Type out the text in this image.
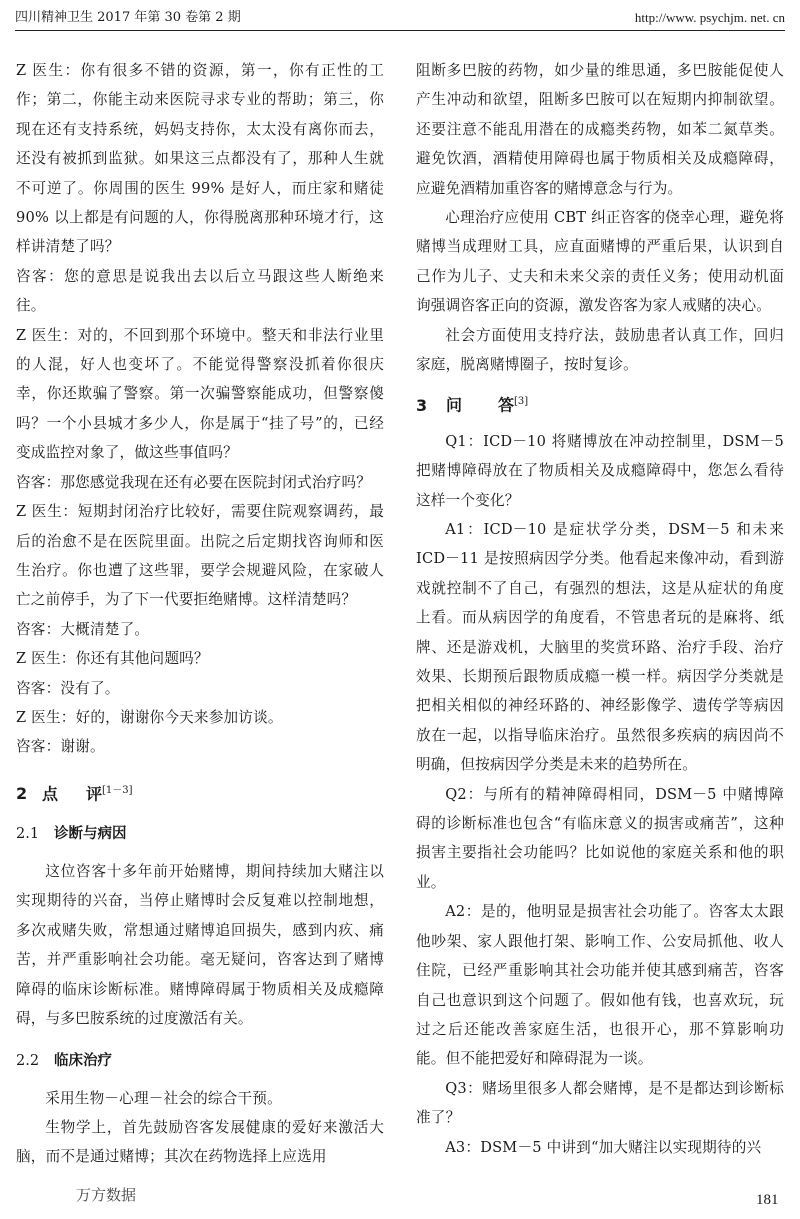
四川精神卫生 2017 年第 30 卷第 2 期	http://www. psychjm. net. cn

Z 医生：你有很多不错的资源，第一，你有正性的工作；第二，你能主动来医院寻求专业的帮助；第三，你现在还有支持系统，妈妈支持你，太太没有离你而去，还没有被抓到监狱。如果这三点都没有了，那种人生就不可逆了。你周围的医生 99% 是好人，而庄家和赌徒 90% 以上都是有问题的人，你得脱离那种环境才行，这样讲清楚了吗？

咨客：您的意思是说我出去以后立马跟这些人断绝来往。

Z 医生：对的，不回到那个环境中。整天和非法行业里的人混，好人也变坏了。不能觉得警察没抓着你很庆幸，你还欺骗了警察。第一次骗警察能成功，但警察傻吗？一个小县城才多少人，你是属于“挂了号”的，已经变成监控对象了，做这些事值吗？

咨客：那您感觉我现在还有必要在医院封闭式治疗吗？

Z 医生：短期封闭治疗比较好，需要住院观察调药，最后的治愈不是在医院里面。出院之后定期找咨询师和医生治疗。你也遭了这些罪，要学会规避风险，在家破人亡之前停手，为了下一代要拒绝赌博。这样清楚吗？

咨客：大概清楚了。

Z 医生：你还有其他问题吗？

咨客：没有了。

Z 医生：好的，谢谢你今天来参加访谈。

咨客：谢谢。

2 点 评[1－3]
2.1 诊断与病因

这位咨客十多年前开始赌博，期间持续加大赌注以实现期待的兴奋，当停止赌博时会反复难以控制地想，多次戒赌失败，常想通过赌博追回损失，感到内疚、痛苦，并严重影响社会功能。毫无疑问，咨客达到了赌博障碍的临床诊断标准。赌博障碍属于物质相关及成瘾障碍，与多巴胺系统的过度激活有关。

2.2 临床治疗

采用生物－心理－社会的综合干预。

生物学上，首先鼓励咨客发展健康的爱好来激活大脑，而不是通过赌博；其次在药物选择上应选用

阻断多巴胺的药物，如少量的维思通，多巴胺能促使人产生冲动和欲望，阻断多巴胺可以在短期内抑制欲望。还要注意不能乱用潜在的成瘾类药物，如苯二氮草类。避免饮酒，酒精使用障碍也属于物质相关及成瘾障碍，应避免酒精加重咨客的赌博意念与行为。

心理治疗应使用 CBT 纠正咨客的侥幸心理，避免将赌博当成理财工具，应直面赌博的严重后果，认识到自己作为儿子、丈夫和未来父亲的责任义务；使用动机面询强调咨客正向的资源，激发咨客为家人戒赌的决心。

社会方面使用支持疗法，鼓励患者认真工作，回归家庭，脱离赌博圈子，按时复诊。

3 问 答[3]

Q1：ICD－10 将赌博放在冲动控制里，DSM－5 把赌博障碍放在了物质相关及成瘾障碍中，您怎么看待这样一个变化？

A1：ICD－10 是症状学分类，DSM－5 和未来 ICD－11 是按照病因学分类。他看起来像冲动，看到游戏就控制不了自己，有强烈的想法，这是从症状的角度上看。而从病因学的角度看，不管患者玩的是麻将、纸牌、还是游戏机，大脑里的奖赏环路、治疗手段、治疗效果、长期预后跟物质成瘾一模一样。病因学分类就是把相关相似的神经环路的、神经影像学、遗传学等病因放在一起，以指导临床治疗。虽然很多疾病的病因尚不明确，但按病因学分类是未来的趋势所在。

Q2：与所有的精神障碍相同，DSM－5 中赌博障碍的诊断标准也包含“有临床意义的损害或痛苦”，这种损害主要指社会功能吗？比如说他的家庭关系和他的职业。

A2：是的，他明显是损害社会功能了。咨客太太跟他吵架、家人跟他打架、影响工作、公安局抓他、收人住院，已经严重影响其社会功能并使其感到痛苦，咨客自己也意识到这个问题了。假如他有钱，也喜欢玩，玩过之后还能改善家庭生活，也很开心，那不算影响功能。但不能把爱好和障碍混为一谈。

Q3：赌场里很多人都会赌博，是不是都达到诊断标准了？

A3：DSM－5 中讲到“加大赌注以实现期待的兴

万方数据	181
